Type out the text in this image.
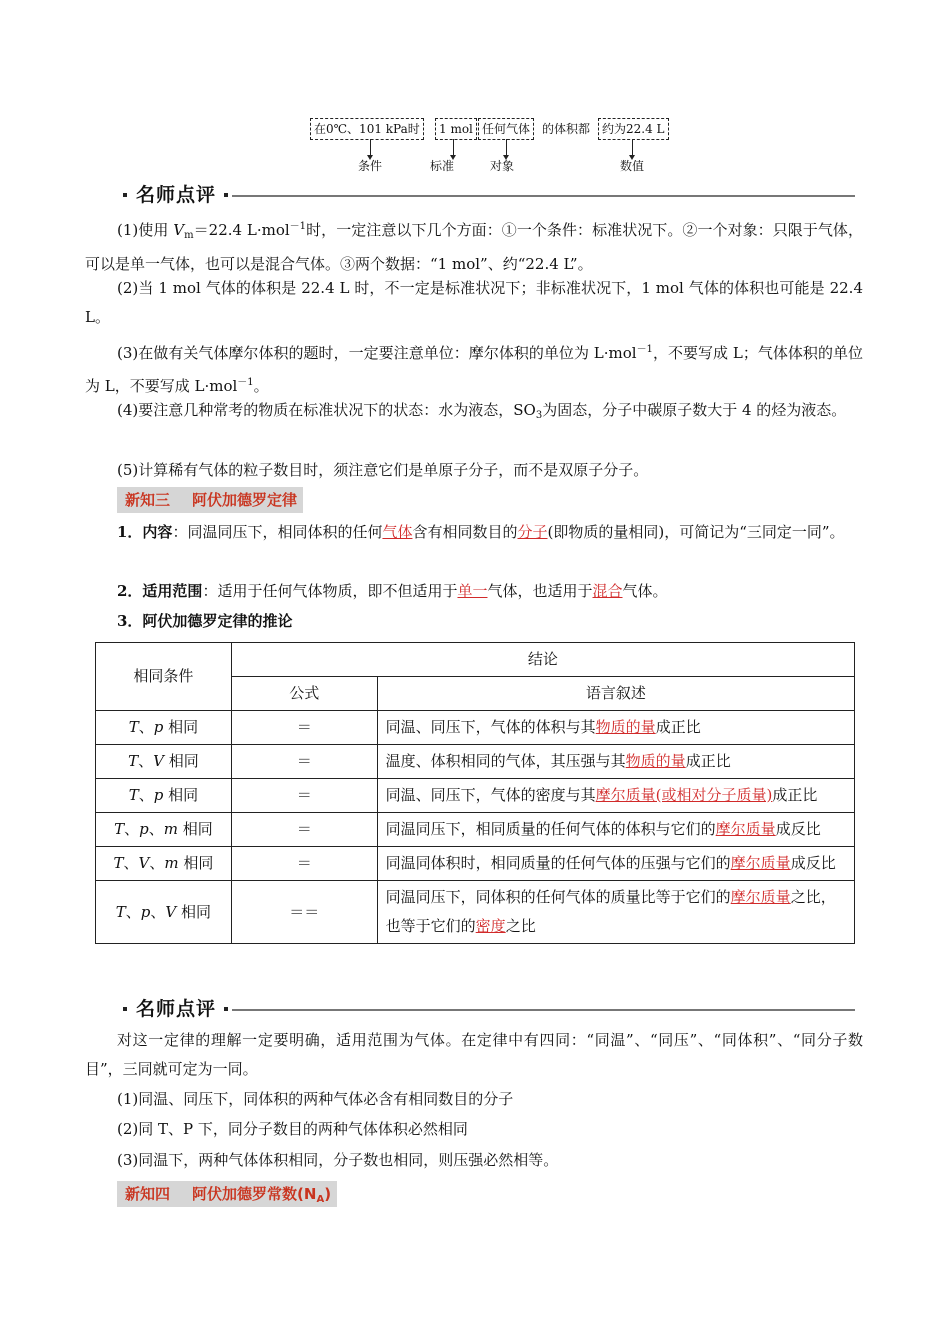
在0℃、101 kPa时	1 mol 任何气体 的体积都 约为22.4 L
条件	标准	对象	数值
名师点评
(1)使用 $V_m=22.4$ L·mol$^{-1}$时，一定注意以下几个方面：①一个条件：标准状况下。②一个对象：只限于气体，可以是单一气体，也可以是混合气体。③两个数据：“1 mol”、约“22.4 L”。
(2)当 1 mol 气体的体积是 22.4 L 时，不一定是标准状况下；非标准状况下，1 mol 气体的体积也可能是 22.4 L。
(3)在做有关气体摩尔体积的题时，一定要注意单位：摩尔体积的单位为 L·mol$^{-1}$，不要写成 L；气体体积的单位为 L，不要写成 L·mol$^{-1}$。
(4)要注意几种常考的物质在标准状况下的状态：水为液态，$SO_3$为固态，分子中碳原子数大于 4 的烃为液态。
(5)计算稀有气体的粒子数目时，须注意它们是单原子分子，而不是双原子分子。
新知三 阿伏加德罗定律
1．内容：同温同压下，相同体积的任何气体含有相同数目的分子(即物质的量相同)，可简记为“三同定一同”。
2．适用范围：适用于任何气体物质，即不但适用于单一气体，也适用于混合气体。
3．阿伏加德罗定律的推论
相同条件	结论	
	公式	语言叙述
T、p 相同	＝	同温、同压下，气体的体积与其物质的量成正比
T、V 相同	＝	温度、体积相同的气体，其压强与其物质的量成正比
T、p 相同	＝	同温、同压下，气体的密度与其摩尔质量(或相对分子质量)成正比
T、p、m 相同	＝	同温同压下，相同质量的任何气体的体积与它们的摩尔质量成反比
T、V、m 相同	＝	同温同体积时，相同质量的任何气体的压强与它们的摩尔质量成反比
T、p、V 相同	＝＝	同温同压下，同体积的任何气体的质量比等于它们的摩尔质量之比，也等于它们的密度之比
名师点评
对这一定律的理解一定要明确，适用范围为气体。在定律中有四同：“同温”、“同压”、“同体积”、“同分子数目”，三同就可定为一同。
(1)同温、同压下，同体积的两种气体必含有相同数目的分子
(2)同 T、P 下，同分子数目的两种气体体积必然相同
(3)同温下，两种气体体积相同，分子数也相同，则压强必然相等。
新知四 阿伏加德罗常数$(N_A)$
